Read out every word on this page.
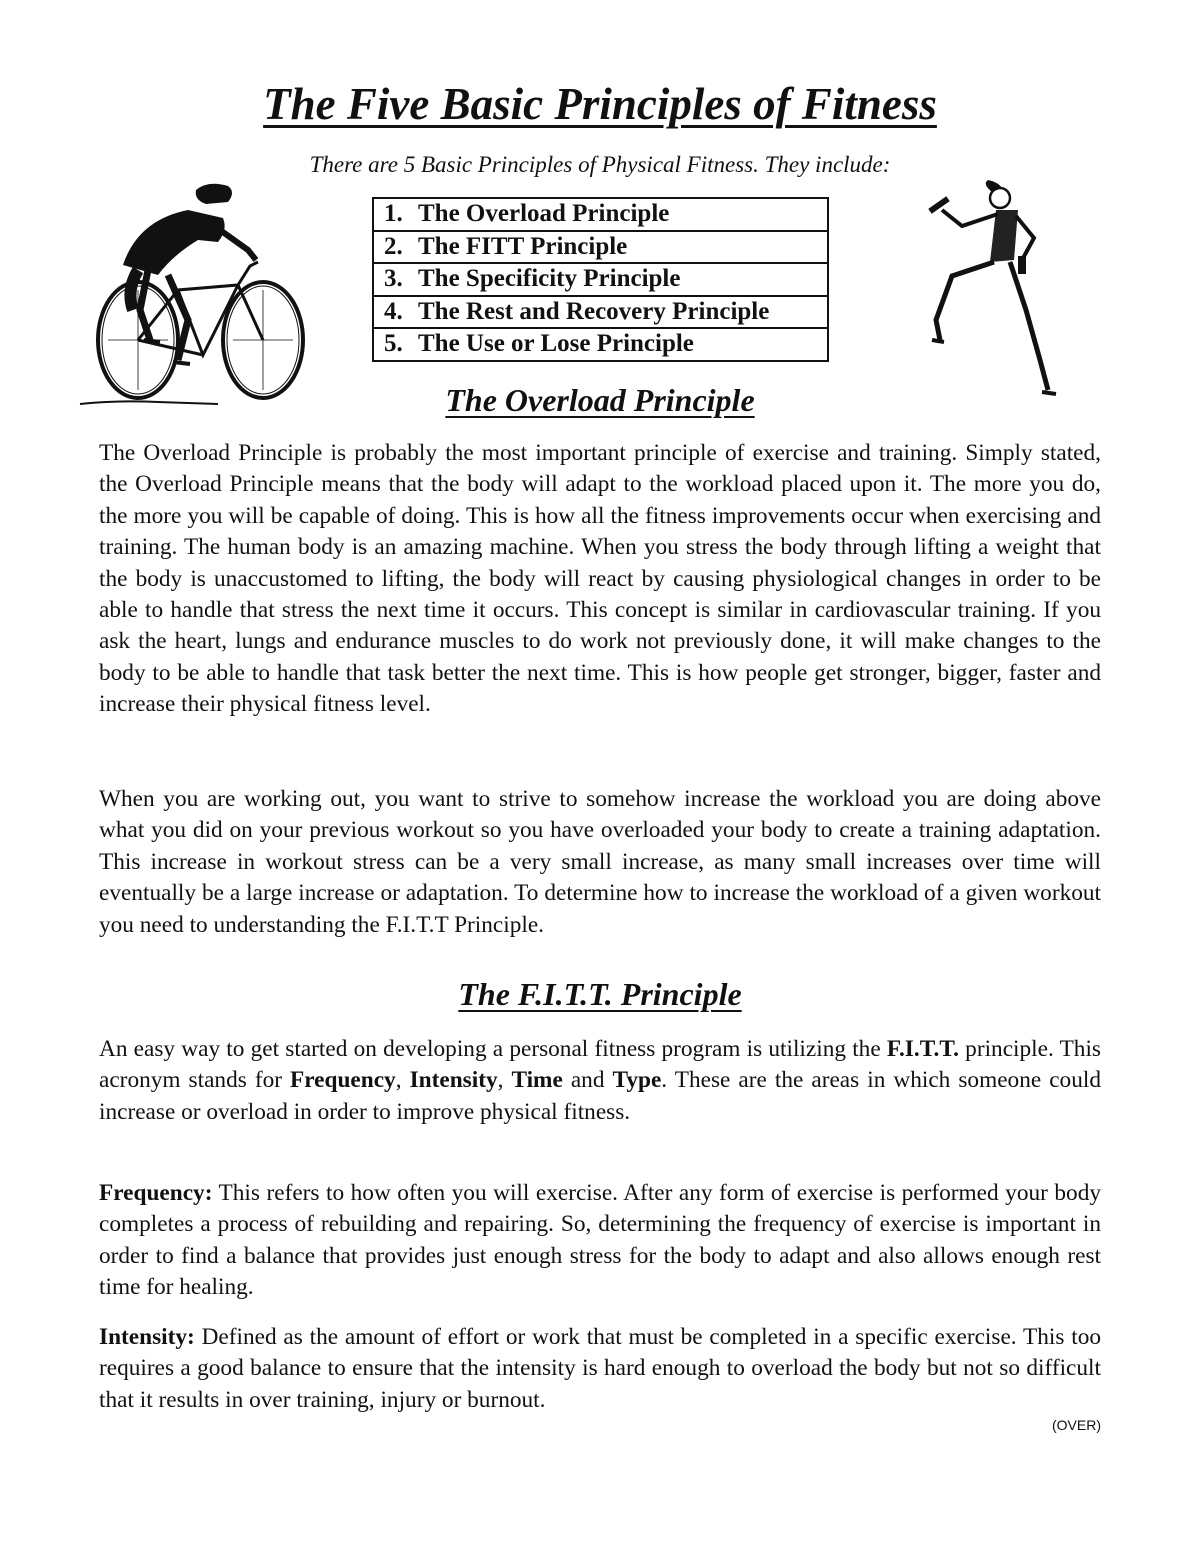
The Five Basic Principles of Fitness

There are 5 Basic Principles of Physical Fitness. They include:

1. The Overload Principle
2. The FITT Principle
3. The Specificity Principle
4. The Rest and Recovery Principle
5. The Use or Lose Principle
The Overload Principle

The Overload Principle is probably the most important principle of exercise and training. Simply stated, the Overload Principle means that the body will adapt to the workload placed upon it. The more you do, the more you will be capable of doing. This is how all the fitness improvements occur when exercising and training. The human body is an amazing machine. When you stress the body through lifting a weight that the body is unaccustomed to lifting, the body will react by causing physiological changes in order to be able to handle that stress the next time it occurs. This concept is similar in cardiovascular training. If you ask the heart, lungs and endurance muscles to do work not previously done, it will make changes to the body to be able to handle that task better the next time. This is how people get stronger, bigger, faster and increase their physical fitness level.

When you are working out, you want to strive to somehow increase the workload you are doing above what you did on your previous workout so you have overloaded your body to create a training adaptation. This increase in workout stress can be a very small increase, as many small increases over time will eventually be a large increase or adaptation. To determine how to increase the workload of a given workout you need to understanding the F.I.T.T Principle.

The F.I.T.T. Principle

An easy way to get started on developing a personal fitness program is utilizing the F.I.T.T. principle. This acronym stands for Frequency, Intensity, Time and Type. These are the areas in which someone could increase or overload in order to improve physical fitness.

Frequency: This refers to how often you will exercise. After any form of exercise is performed your body completes a process of rebuilding and repairing. So, determining the frequency of exercise is important in order to find a balance that provides just enough stress for the body to adapt and also allows enough rest time for healing.

Intensity: Defined as the amount of effort or work that must be completed in a specific exercise. This too requires a good balance to ensure that the intensity is hard enough to overload the body but not so difficult that it results in over training, injury or burnout.

(OVER)
